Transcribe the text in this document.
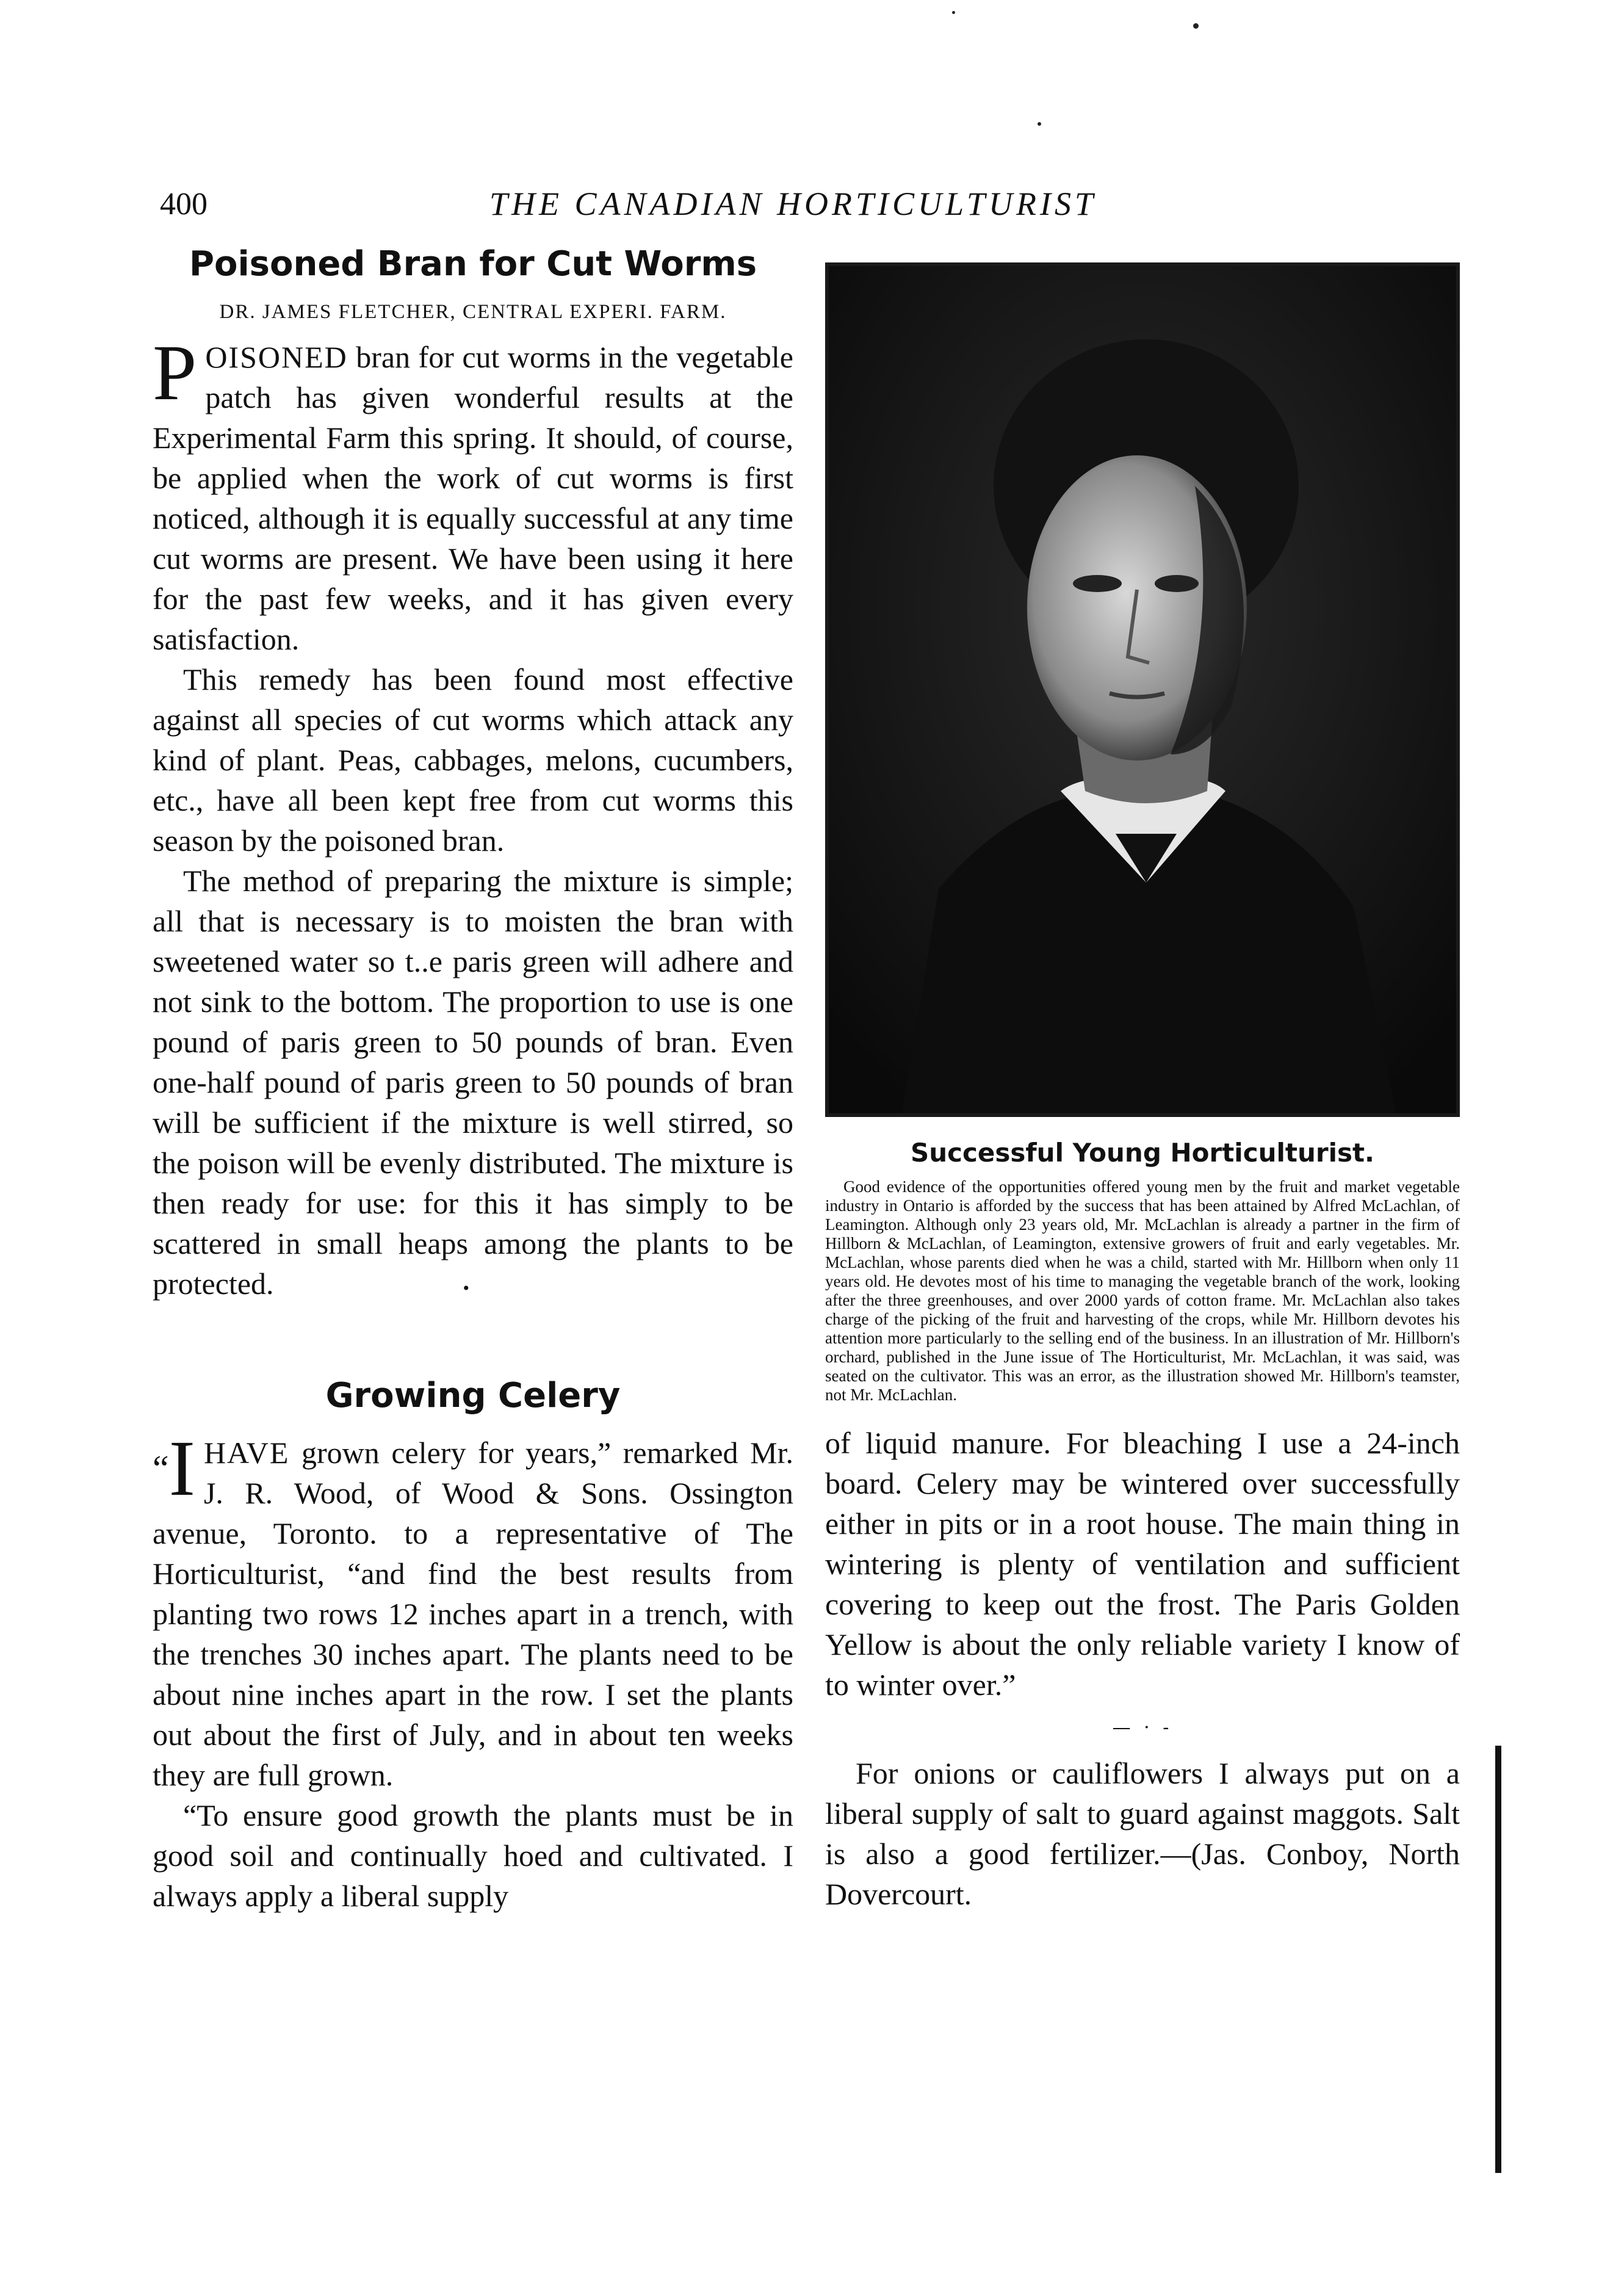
400	THE CANADIAN HORTICULTURIST
Poisoned Bran for Cut Worms
DR. JAMES FLETCHER, CENTRAL EXPERI. FARM.

POISONED bran for cut worms in the vegetable patch has given wonderful results at the Experimental Farm this spring. It should, of course, be applied when the work of cut worms is first noticed, although it is equally successful at any time cut worms are present. We have been using it here for the past few weeks, and it has given every satisfaction.

This remedy has been found most effective against all species of cut worms which attack any kind of plant. Peas, cabbages, melons, cucumbers, etc., have all been kept free from cut worms this season by the poisoned bran.

The method of preparing the mixture is simple; all that is necessary is to moisten the bran with sweetened water so t..e paris green will adhere and not sink to the bottom. The proportion to use is one pound of paris green to 50 pounds of bran. Even one-half pound of paris green to 50 pounds of bran will be sufficient if the mixture is well stirred, so the poison will be evenly distributed. The mixture is then ready for use: for this it has simply to be scattered in small heaps among the plants to be protected.	•

Growing Celery

“I HAVE grown celery for years,” remarked Mr. J. R. Wood, of Wood & Sons. Ossington avenue, Toronto. to a representative of The Horticulturist, “and find the best results from planting two rows 12 inches apart in a trench, with the trenches 30 inches apart. The plants need to be about nine inches apart in the row. I set the plants out about the first of July, and in about ten weeks they are full grown.

“To ensure good growth the plants must be in good soil and continually hoed and cultivated. I always apply a liberal supply

Successful Young Horticulturist.

Good evidence of the opportunities offered young men by the fruit and market vegetable industry in Ontario is afforded by the success that has been attained by Alfred McLachlan, of Leamington. Although only 23 years old, Mr. McLachlan is already a partner in the firm of Hillborn & McLachlan, of Leamington, extensive growers of fruit and early vegetables. Mr. McLachlan, whose parents died when he was a child, started with Mr. Hillborn when only 11 years old. He devotes most of his time to managing the vegetable branch of the work, looking after the three greenhouses, and over 2000 yards of cotton frame. Mr. McLachlan also takes charge of the picking of the fruit and harvesting of the crops, while Mr. Hillborn devotes his attention more particularly to the selling end of the business. In an illustration of Mr. Hillborn's orchard, published in the June issue of The Horticulturist, Mr. McLachlan, it was said, was seated on the cultivator. This was an error, as the illustration showed Mr. Hillborn's teamster, not Mr. McLachlan.

of liquid manure. For bleaching I use a 24-inch board. Celery may be wintered over successfully either in pits or in a root house. The main thing in wintering is plenty of ventilation and sufficient covering to keep out the frost. The Paris Golden Yellow is about the only reliable variety I know of to winter over.”

— · -

For onions or cauliflowers I always put on a liberal supply of salt to guard against maggots. Salt is also a good fertilizer.—(Jas. Conboy, North Dovercourt.
